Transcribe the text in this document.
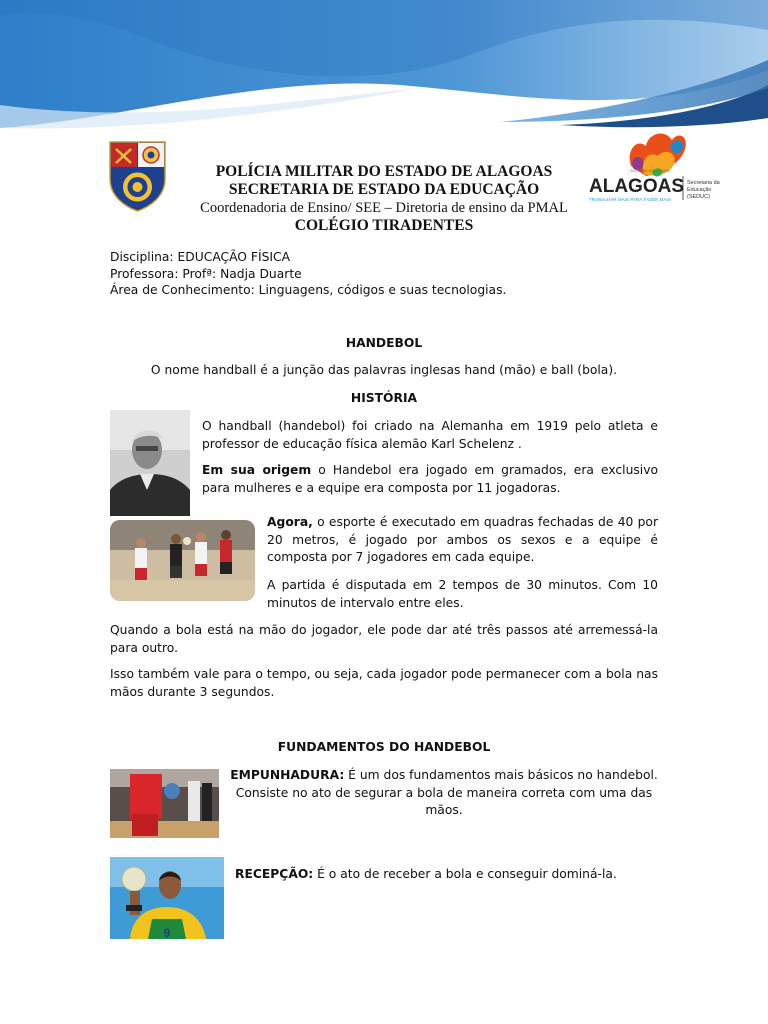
POLÍCIA MILITAR DO ESTADO DE ALAGOAS
SECRETARIA DE ESTADO DA EDUCAÇÃO
Coordenadoria de Ensino/ SEE – Diretoria de ensino da PMAL
COLÉGIO TIRADENTES
GOVERNO DO ESTADO
ALAGOAS
TRABALHAR MAIS PARA FAZER MAIS
Secretaria da
Educação
(SEDUC)
Disciplina: EDUCAÇÃO FÍSICA
Professora: Profª: Nadja Duarte
Área de Conhecimento: Linguagens, códigos e suas tecnologias.
HANDEBOL
O nome handball é a junção das palavras inglesas hand (mão) e ball (bola).
HISTÓRIA
O handball (handebol) foi criado na Alemanha em 1919 pelo atleta e professor de educação física alemão Karl Schelenz .
Em sua origem o Handebol era jogado em gramados, era exclusivo para mulheres e a equipe era composta por 11 jogadoras.
Agora, o esporte é executado em quadras fechadas de 40 por 20 metros, é jogado por ambos os sexos e a equipe é composta por 7 jogadores em cada equipe.
A partida é disputada em 2 tempos de 30 minutos. Com 10 minutos de intervalo entre eles.
Quando a bola está na mão do jogador, ele pode dar até três passos até arremessá-la para outro.
Isso também vale para o tempo, ou seja, cada jogador pode permanecer com a bola nas mãos durante 3 segundos.
FUNDAMENTOS DO HANDEBOL
EMPUNHADURA: É um dos fundamentos mais básicos no handebol. Consiste no ato de segurar a bola de maneira correta com uma das mãos.
9
RECEPÇÃO: É o ato de receber a bola e conseguir dominá-la.
